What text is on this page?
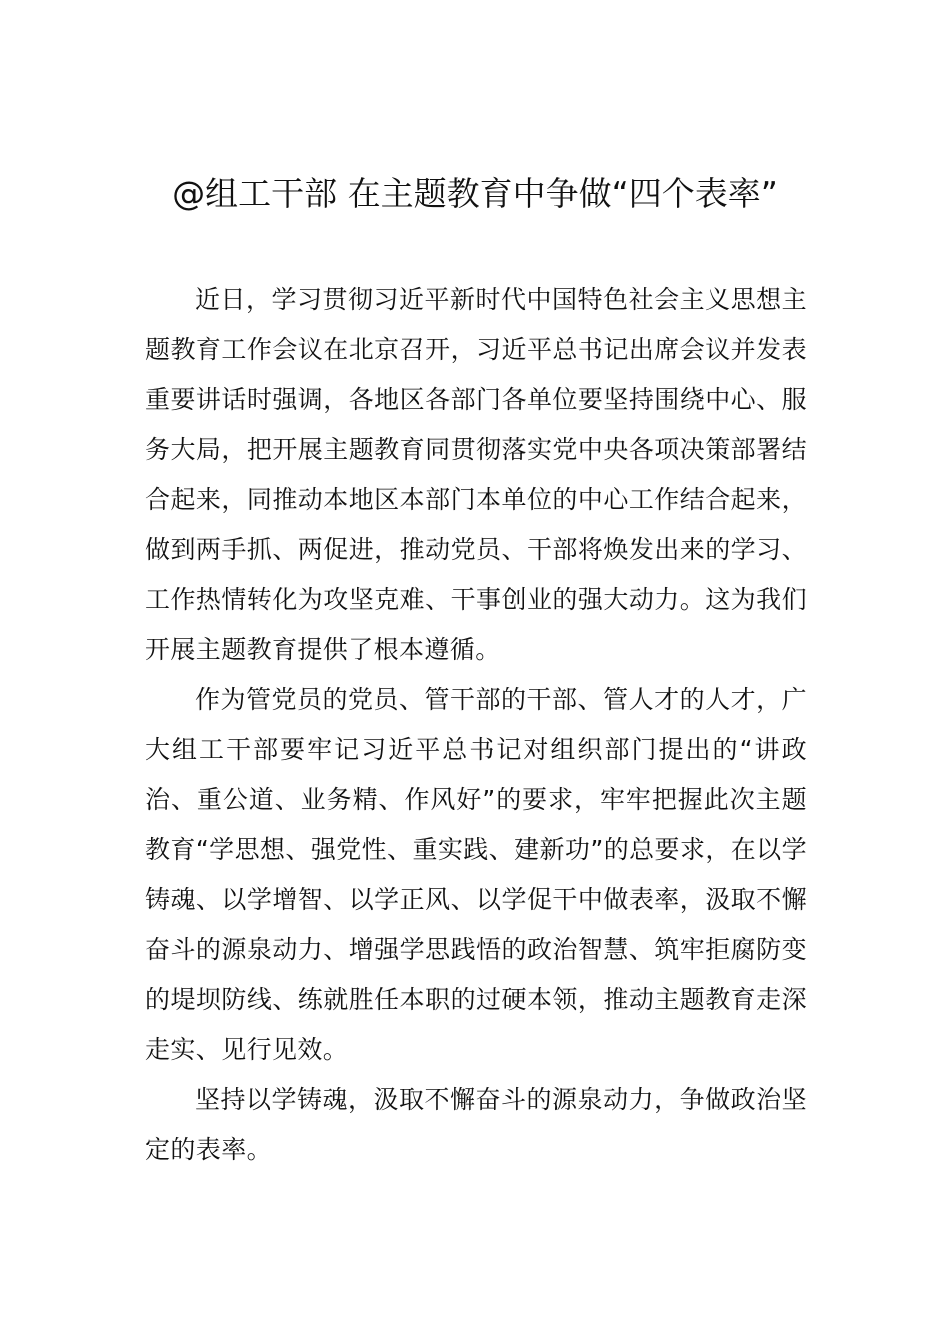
@组工干部 在主题教育中争做“四个表率”

近日，学习贯彻习近平新时代中国特色社会主义思想主题教育工作会议在北京召开，习近平总书记出席会议并发表重要讲话时强调，各地区各部门各单位要坚持围绕中心、服务大局，把开展主题教育同贯彻落实党中央各项决策部署结合起来，同推动本地区本部门本单位的中心工作结合起来，做到两手抓、两促进，推动党员、干部将焕发出来的学习、工作热情转化为攻坚克难、干事创业的强大动力。这为我们开展主题教育提供了根本遵循。

作为管党员的党员、管干部的干部、管人才的人才，广大组工干部要牢记习近平总书记对组织部门提出的“讲政治、重公道、业务精、作风好”的要求，牢牢把握此次主题教育“学思想、强党性、重实践、建新功”的总要求，在以学铸魂、以学增智、以学正风、以学促干中做表率，汲取不懈奋斗的源泉动力、增强学思践悟的政治智慧、筑牢拒腐防变的堤坝防线、练就胜任本职的过硬本领，推动主题教育走深走实、见行见效。

坚持以学铸魂，汲取不懈奋斗的源泉动力，争做政治坚定的表率。
